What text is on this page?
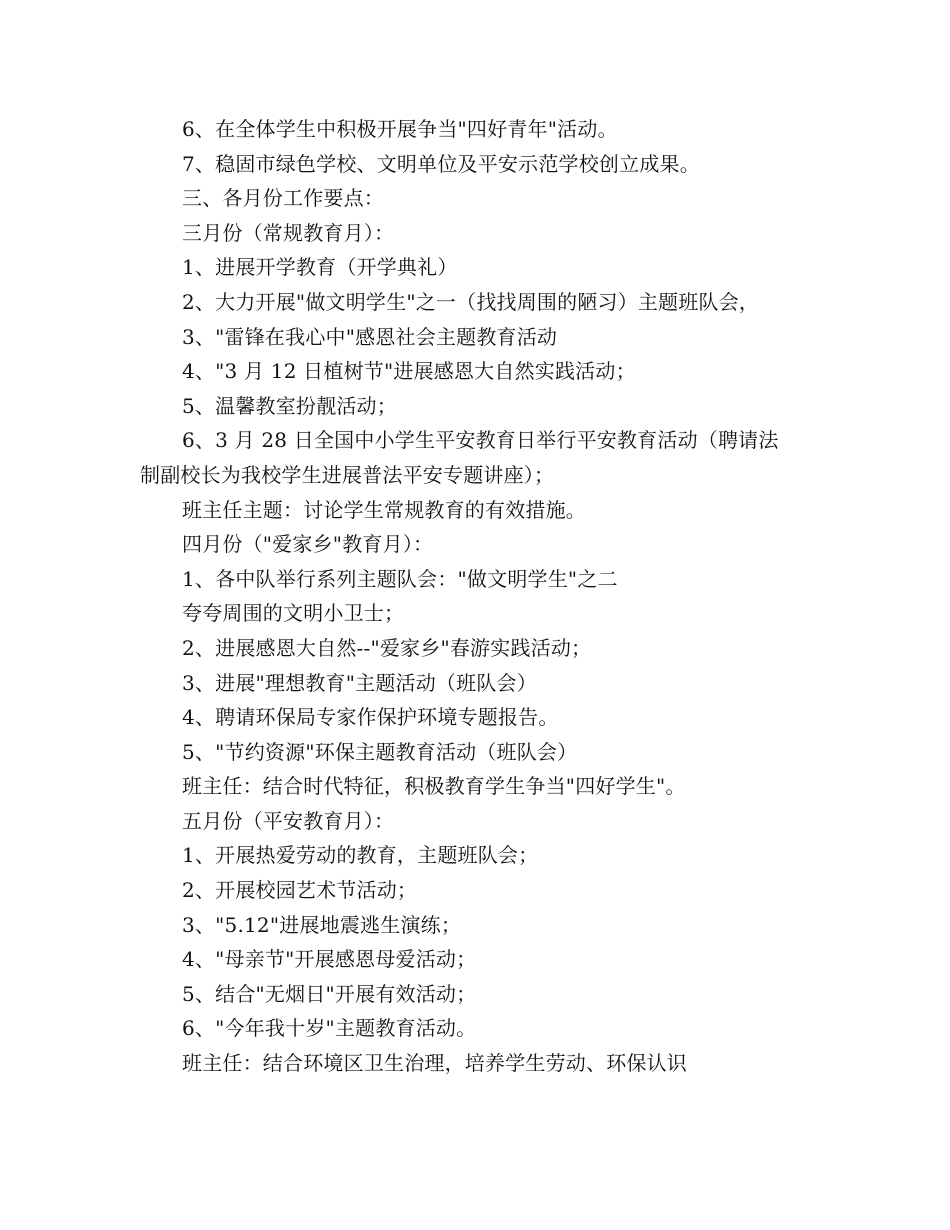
6、在全体学生中积极开展争当"四好青年"活动。
7、稳固市绿色学校、文明单位及平安示范学校创立成果。
三、各月份工作要点：
三月份（常规教育月）：
1、进展开学教育（开学典礼）
2、大力开展"做文明学生"之一（找找周围的陋习）主题班队会，
3、"雷锋在我心中"感恩社会主题教育活动
4、"3 月 12 日植树节"进展感恩大自然实践活动；
5、温馨教室扮靓活动；
6、3 月 28 日全国中小学生平安教育日举行平安教育活动（聘请法
制副校长为我校学生进展普法平安专题讲座）；
班主任主题：讨论学生常规教育的有效措施。
四月份（"爱家乡"教育月）：
1、各中队举行系列主题队会："做文明学生"之二
夸夸周围的文明小卫士；
2、进展感恩大自然--"爱家乡"春游实践活动；
3、进展"理想教育"主题活动（班队会）
4、聘请环保局专家作保护环境专题报告。
5、"节约资源"环保主题教育活动（班队会）
班主任：结合时代特征，积极教育学生争当"四好学生"。
五月份（平安教育月）：
1、开展热爱劳动的教育，主题班队会；
2、开展校园艺术节活动；
3、"5.12"进展地震逃生演练；
4、"母亲节"开展感恩母爱活动；
5、结合"无烟日"开展有效活动；
6、"今年我十岁"主题教育活动。
班主任：结合环境区卫生治理，培养学生劳动、环保认识
